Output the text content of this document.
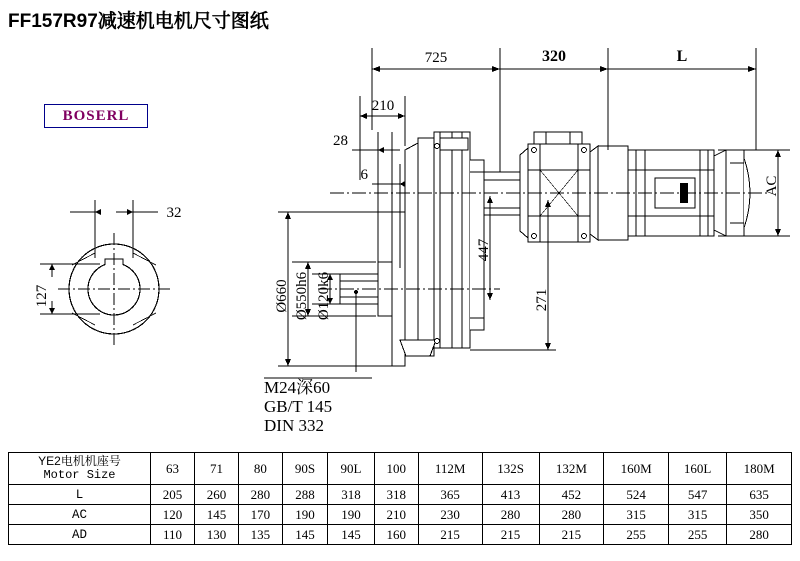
FF157R97减速机电机尺寸图纸
BOSERL
725	320	L
210
28
6
32
Ø660 Ø550h6 Ø120k6
447
271
AC
127
M24深60
GB/T 145
DIN 332
YE2电机机座号
Motor Size	63	71	80	90S	90L	100	112M	132S	132M	160M	160L	180M
L	205	260	280	288	318	318	365	413	452	524	547	635
AC	120	145	170	190	190	210	230	280	280	315	315	350
AD	110	130	135	145	145	160	215	215	215	255	255	280
